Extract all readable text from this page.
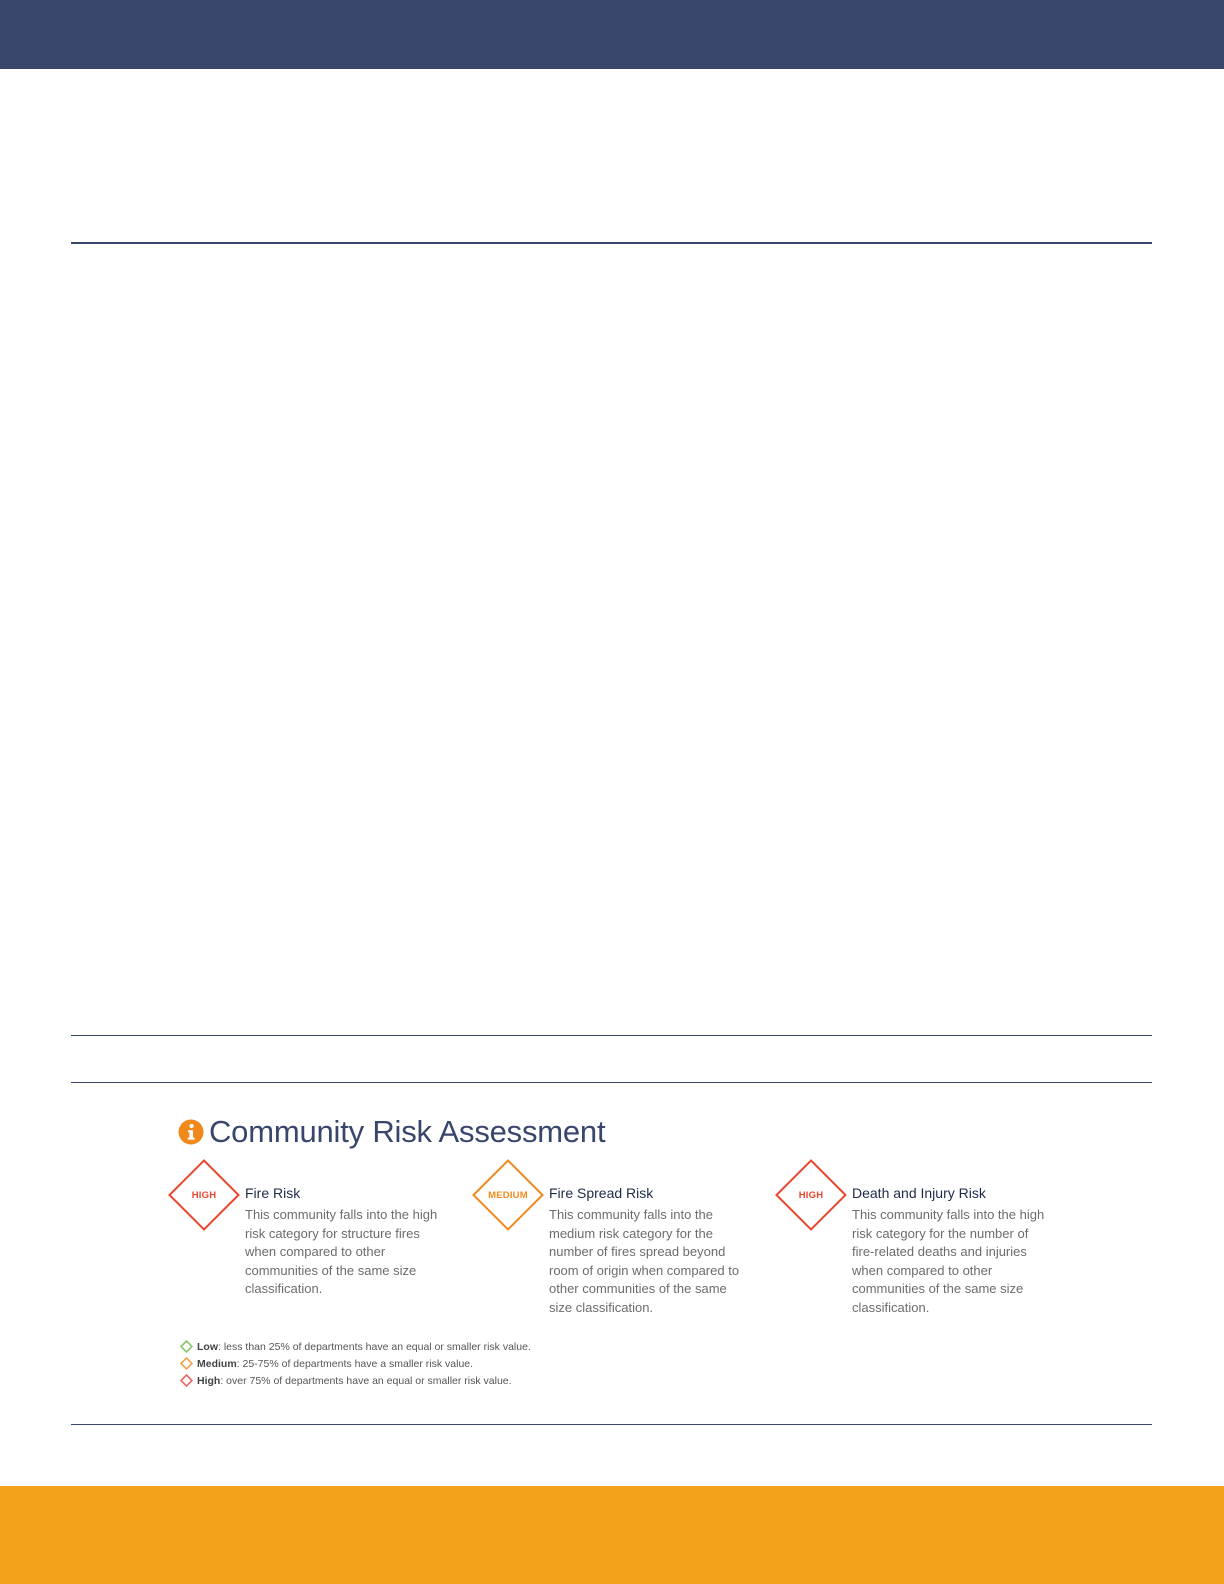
Community Risk Assessment
HIGH	Fire Risk
This community falls into the high risk category for structure fires when compared to other communities of the same size classification.
MEDIUM	Fire Spread Risk
This community falls into the medium risk category for the number of fires spread beyond room of origin when compared to other communities of the same size classification.
HIGH	Death and Injury Risk
This community falls into the high risk category for the number of fire-related deaths and injuries when compared to other communities of the same size classification.
Low : less than 25% of departments have an equal or smaller risk value.
Medium : 25-75% of departments have a smaller risk value.
High : over 75% of departments have an equal or smaller risk value.
